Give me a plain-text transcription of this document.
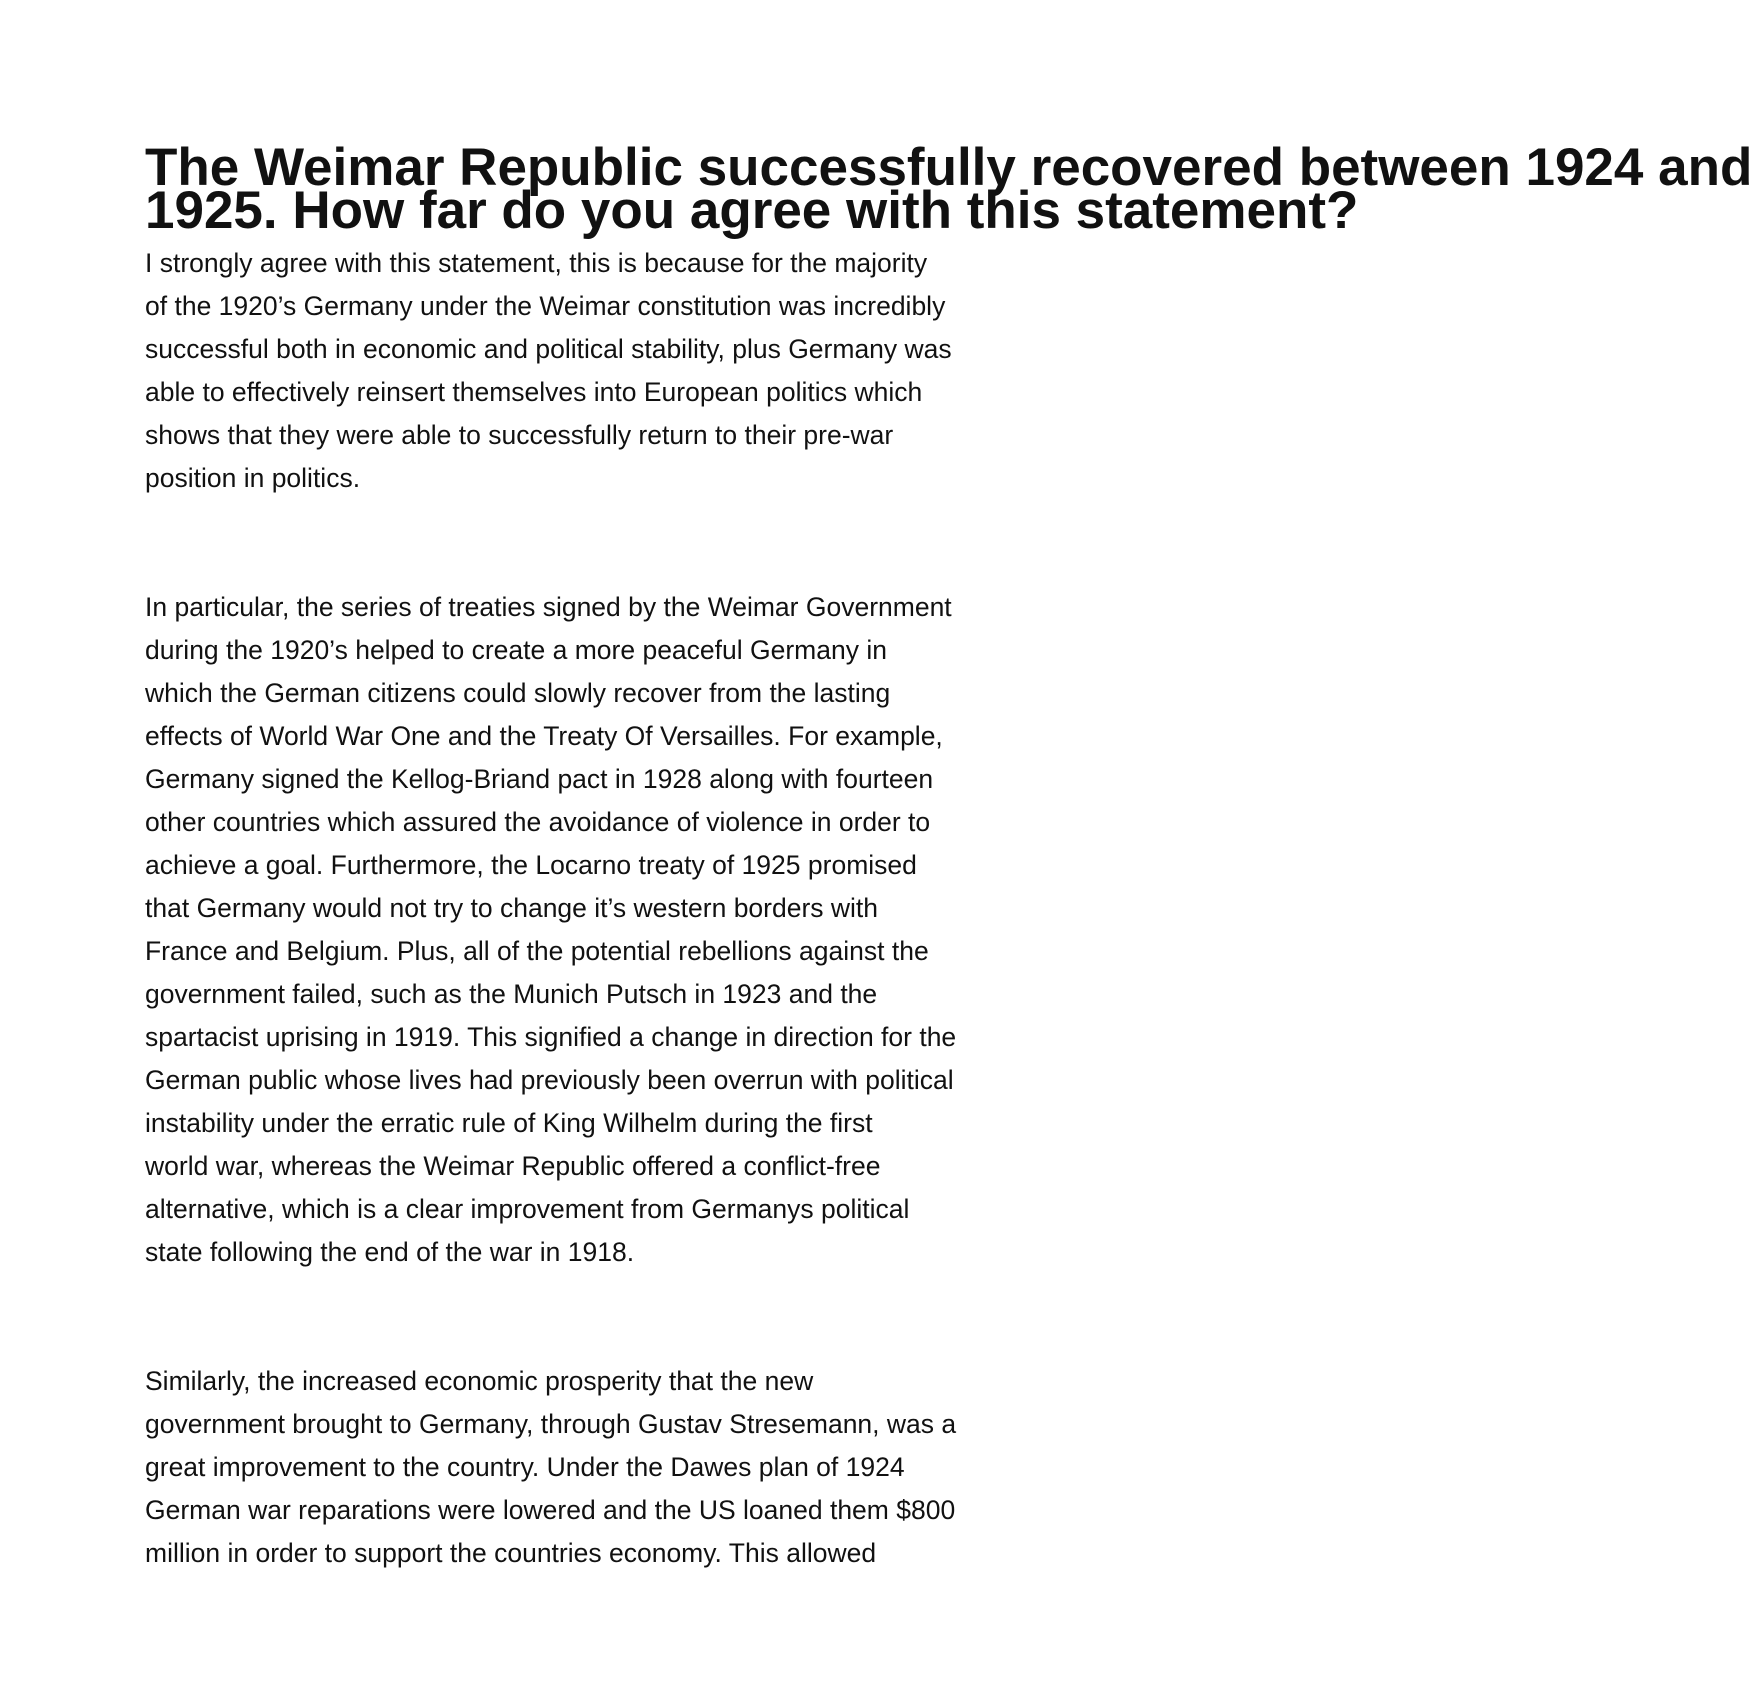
The Weimar Republic successfully recovered between 1924 and
1925. How far do you agree with this statement?

I strongly agree with this statement, this is because for the majority
of the 1920’s Germany under the Weimar constitution was incredibly
successful both in economic and political stability, plus Germany was
able to effectively reinsert themselves into European politics which
shows that they were able to successfully return to their pre-war
position in politics.

In particular, the series of treaties signed by the Weimar Government
during the 1920’s helped to create a more peaceful Germany in
which the German citizens could slowly recover from the lasting
effects of World War One and the Treaty Of Versailles. For example,
Germany signed the Kellog-Briand pact in 1928 along with fourteen
other countries which assured the avoidance of violence in order to
achieve a goal. Furthermore, the Locarno treaty of 1925 promised
that Germany would not try to change it’s western borders with
France and Belgium. Plus, all of the potential rebellions against the
government failed, such as the Munich Putsch in 1923 and the
spartacist uprising in 1919. This signified a change in direction for the
German public whose lives had previously been overrun with political
instability under the erratic rule of King Wilhelm during the first
world war, whereas the Weimar Republic offered a conflict-free
alternative, which is a clear improvement from Germanys political
state following the end of the war in 1918.

Similarly, the increased economic prosperity that the new
government brought to Germany, through Gustav Stresemann, was a
great improvement to the country. Under the Dawes plan of 1924
German war reparations were lowered and the US loaned them $800
million in order to support the countries economy. This allowed
